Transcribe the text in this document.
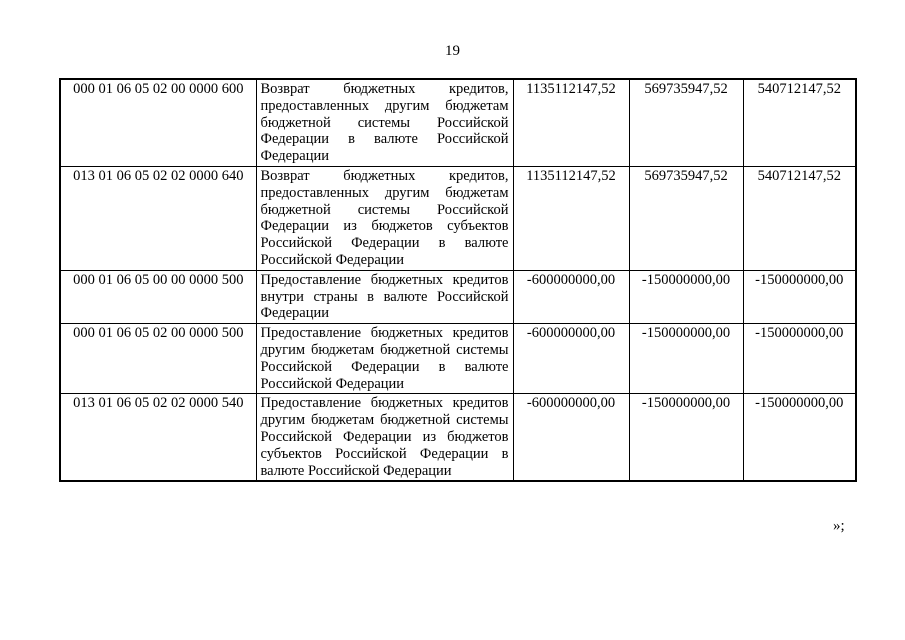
19
000 01 06 05 02 00 0000 600	Возврат бюджетных кредитов, предоставленных другим бюджетам бюджетной системы Российской Федерации в валюте Российской Федерации	1135112147,52	569735947,52	540712147,52
013 01 06 05 02 02 0000 640	Возврат бюджетных кредитов, предоставленных другим бюджетам бюджетной системы Российской Федерации из бюджетов субъектов Российской Федерации в валюте Российской Федерации	1135112147,52	569735947,52	540712147,52
000 01 06 05 00 00 0000 500	Предоставление бюджетных кредитов внутри страны в валюте Российской Федерации	-600000000,00	-150000000,00	-150000000,00
000 01 06 05 02 00 0000 500	Предоставление бюджетных кредитов другим бюджетам бюджетной системы Российской Федерации в валюте Российской Федерации	-600000000,00	-150000000,00	-150000000,00
013 01 06 05 02 02 0000 540	Предоставление бюджетных кредитов другим бюджетам бюджетной системы Российской Федерации из бюджетов субъектов Российской Федерации в валюте Российской Федерации	-600000000,00	-150000000,00	-150000000,00
»;
